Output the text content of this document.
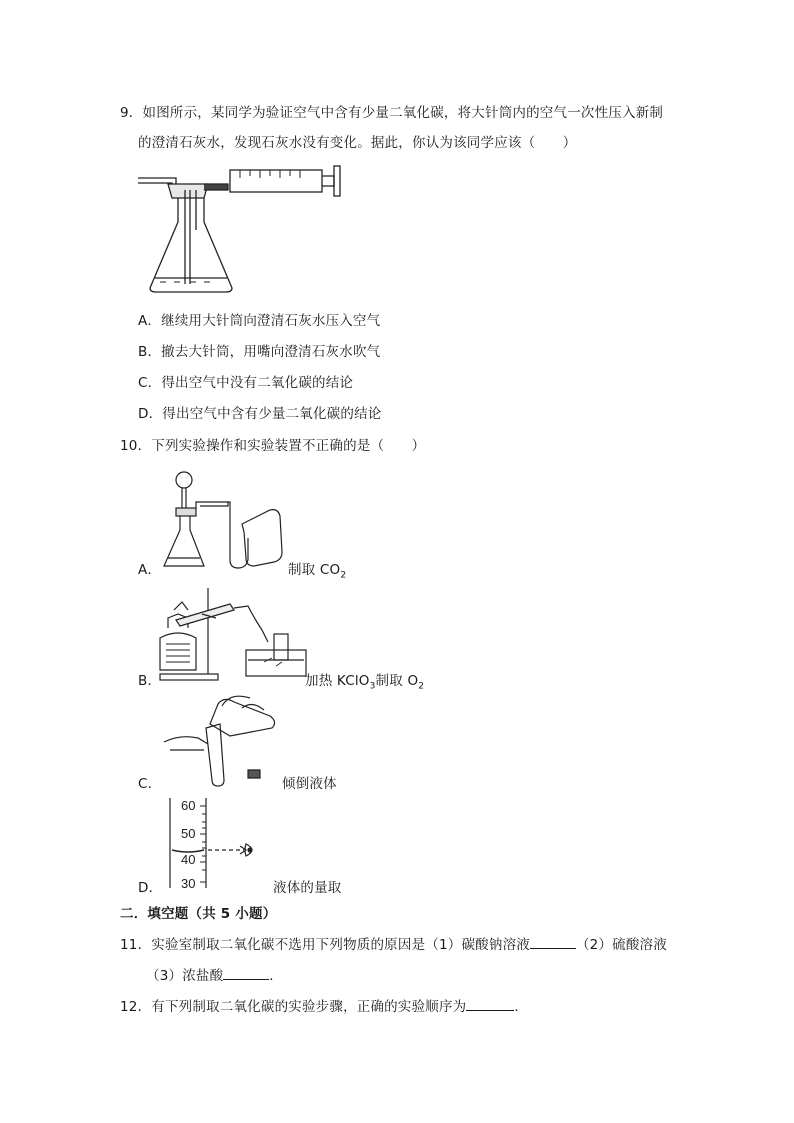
9．如图所示，某同学为验证空气中含有少量二氧化碳，将大针筒内的空气一次性压入新制
的澄清石灰水，发现石灰水没有变化。据此，你认为该同学应该（　　）
A．继续用大针筒向澄清石灰水压入空气
B．撤去大针筒，用嘴向澄清石灰水吹气
C．得出空气中没有二氧化碳的结论
D．得出空气中含有少量二氧化碳的结论
10．下列实验操作和实验装置不正确的是（　　）
A．	制取 $CO_2$
B．	加热 KClO$_3$制取 $O_2$
C．	倾倒液体
60
50
40
30
D．	液体的量取
二．填空题（共 5 小题）
11．实验室制取二氧化碳不选用下列物质的原因是（1）碳酸钠溶液	（2）硫酸溶液
（3）浓盐酸	．
12．有下列制取二氧化碳的实验步骤，正确的实验顺序为	．
